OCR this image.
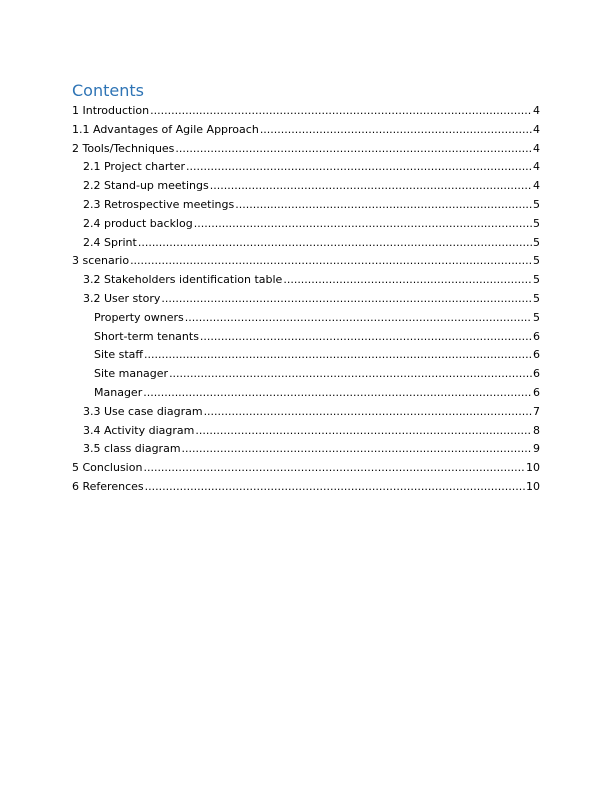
Contents
1 Introduction .....	4
1.1 Advantages of Agile Approach .....	4
2 Tools/Techniques .....	4
2.1 Project charter .....	4
2.2 Stand-up meetings .....	4
2.3 Retrospective meetings .....	5
2.4 product backlog .....	5
2.4 Sprint .....	5
3 scenario .....	5
3.2 Stakeholders identification table .....	5
3.2 User story .....	5
Property owners .....	5
Short-term tenants .....	6
Site staff .....	6
Site manager .....	6
Manager .....	6
3.3 Use case diagram .....	7
3.4 Activity diagram .....	8
3.5 class diagram .....	9
5 Conclusion .....	10
6 References .....	10
